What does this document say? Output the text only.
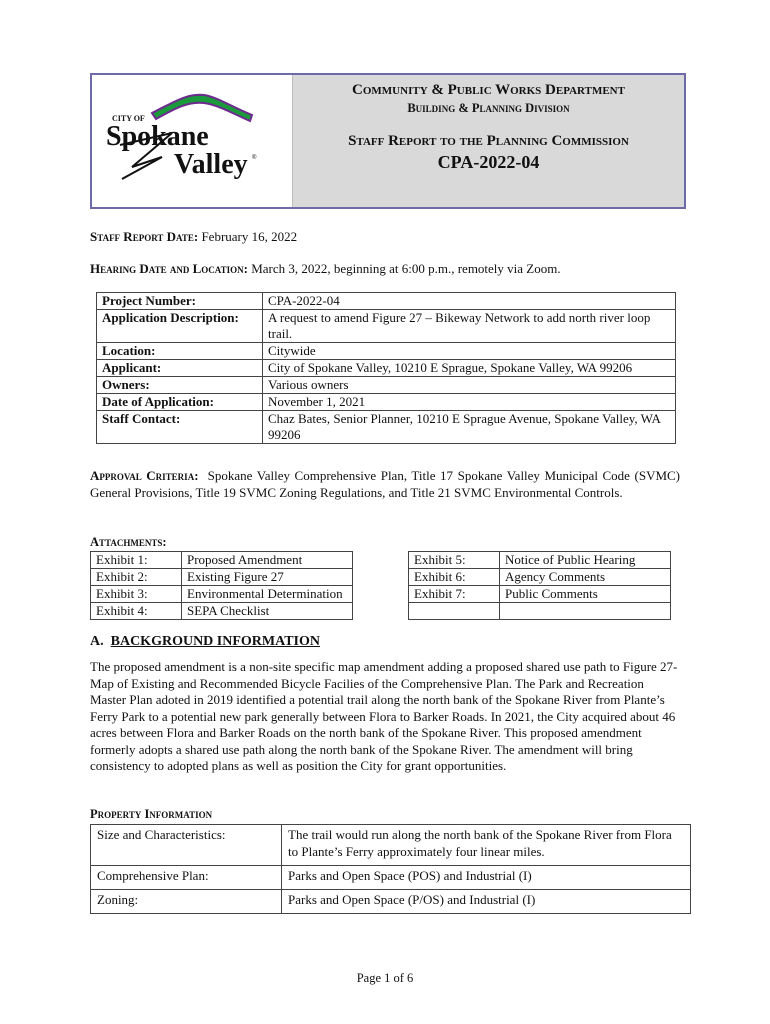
CITY OF
Spokane
Valley ®
Community & Public Works Department
Building & Planning Division
Staff Report to the Planning Commission
CPA-2022-04
Staff Report Date: February 16, 2022
Hearing Date and Location: March 3, 2022, beginning at 6:00 p.m., remotely via Zoom.
Project Number:	CPA-2022-04
Application Description:	A request to amend Figure 27 – Bikeway Network to add north river loop trail.
Location:	Citywide
Applicant:	City of Spokane Valley, 10210 E Sprague, Spokane Valley, WA 99206
Owners:	Various owners
Date of Application:	November 1, 2021
Staff Contact:	Chaz Bates, Senior Planner, 10210 E Sprague Avenue, Spokane Valley, WA 99206
Approval Criteria: Spokane Valley Comprehensive Plan, Title 17 Spokane Valley Municipal Code (SVMC) General Provisions, Title 19 SVMC Zoning Regulations, and Title 21 SVMC Environmental Controls.
Attachments:
Exhibit 1:	Proposed Amendment
Exhibit 2:	Existing Figure 27
Exhibit 3:	Environmental Determination
Exhibit 4:	SEPA Checklist
Exhibit 5:	Notice of Public Hearing
Exhibit 6:	Agency Comments
Exhibit 7:	Public Comments

A. BACKGROUND INFORMATION
The proposed amendment is a non-site specific map amendment adding a proposed shared use path to Figure 27-Map of Existing and Recommended Bicycle Facilies of the Comprehensive Plan. The Park and Recreation Master Plan adoted in 2019 identified a potential trail along the north bank of the Spokane River from Plante’s Ferry Park to a potential new park generally between Flora to Barker Roads. In 2021, the City acquired about 46 acres between Flora and Barker Roads on the north bank of the Spokane River. This proposed amendment formerly adopts a shared use path along the north bank of the Spokane River. The amendment will bring consistency to adopted plans as well as position the City for grant opportunities.
Property Information
Size and Characteristics:	The trail would run along the north bank of the Spokane River from Flora to Plante’s Ferry approximately four linear miles.
Comprehensive Plan:	Parks and Open Space (POS) and Industrial (I)
Zoning:	Parks and Open Space (P/OS) and Industrial (I)
Page 1 of 6
